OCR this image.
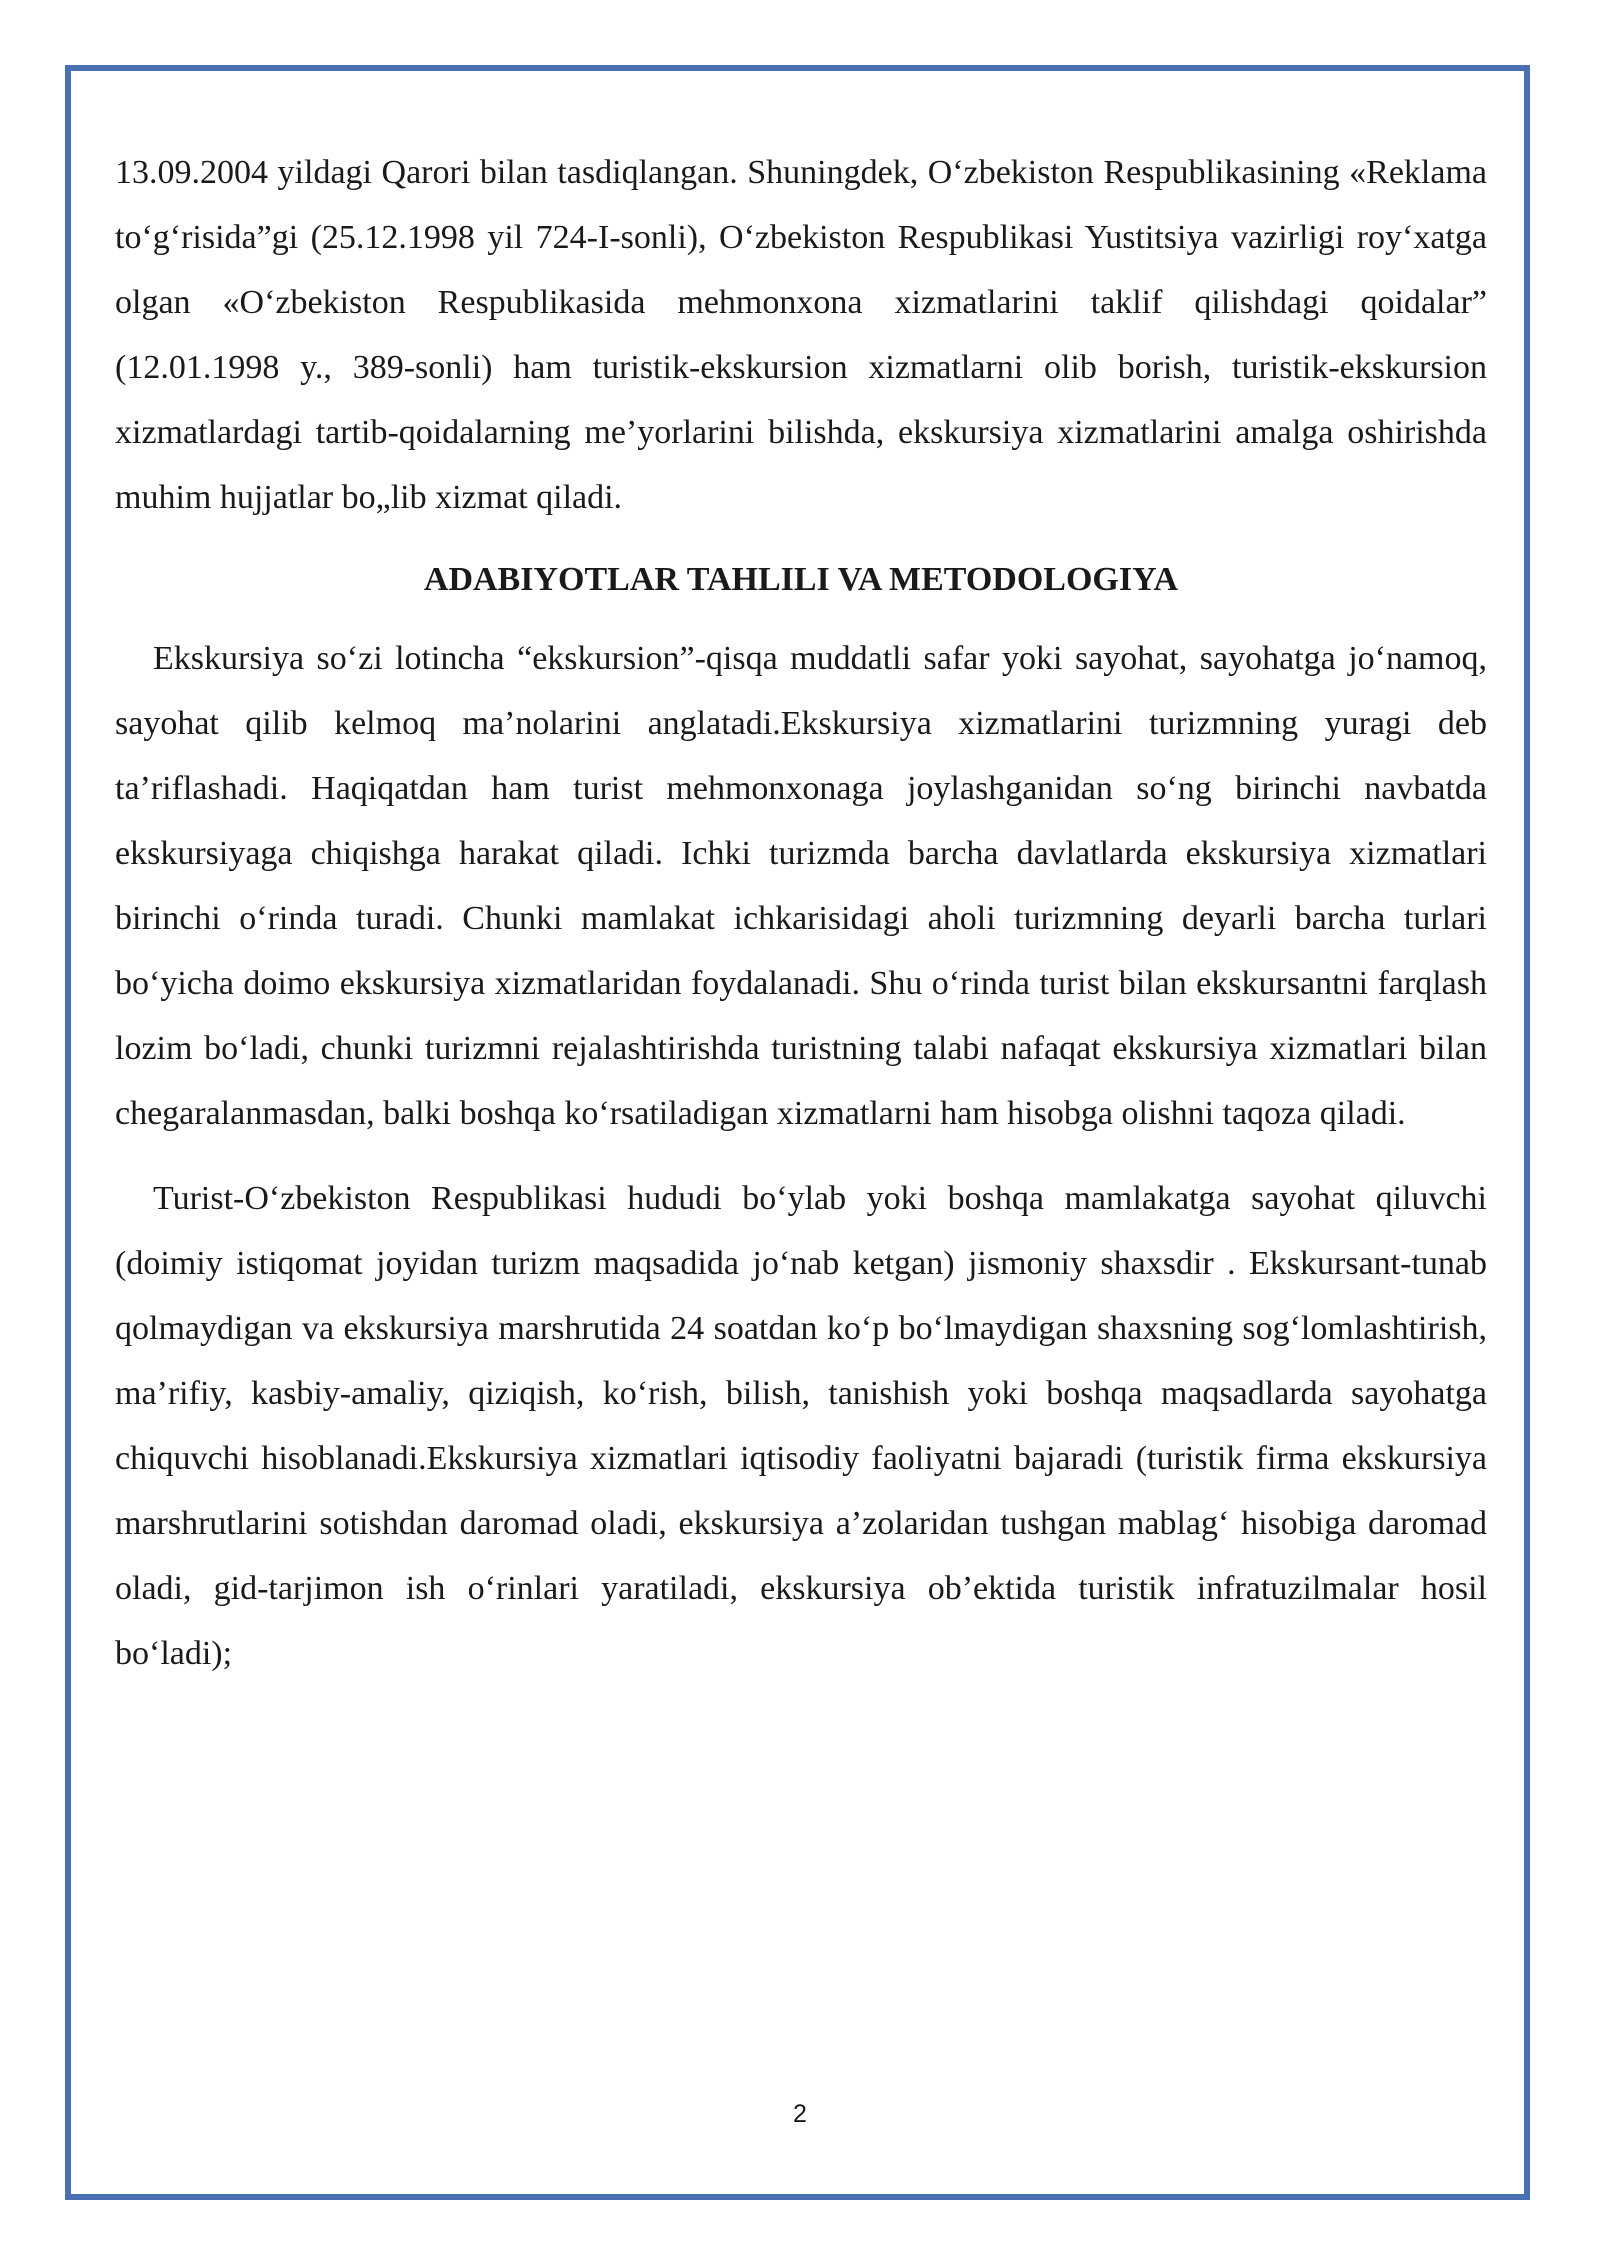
13.09.2004 yildagi Qarori bilan tasdiqlangan. Shuningdek, O‘zbekiston Respublikasining «Reklama to‘g‘risida”gi (25.12.1998 yil 724-I-sonli), O‘zbekiston Respublikasi Yustitsiya vazirligi roy‘xatga olgan «O‘zbekiston Respublikasida mehmonxona xizmatlarini taklif qilishdagi qoidalar” (12.01.1998 y., 389-sonli) ham turistik-ekskursion xizmatlarni olib borish, turistik-ekskursion xizmatlardagi tartib-qoidalarning me’yorlarini bilishda, ekskursiya xizmatlarini amalga oshirishda muhim hujjatlar bo„lib xizmat qiladi.

ADABIYOTLAR TAHLILI VA METODOLOGIYA

Ekskursiya so‘zi lotincha “ekskursion”-qisqa muddatli safar yoki sayohat, sayohatga jo‘namoq, sayohat qilib kelmoq ma’nolarini anglatadi.Ekskursiya xizmatlarini turizmning yuragi deb ta’riflashadi. Haqiqatdan ham turist mehmonxonaga joylashganidan so‘ng birinchi navbatda ekskursiyaga chiqishga harakat qiladi. Ichki turizmda barcha davlatlarda ekskursiya xizmatlari birinchi o‘rinda turadi. Chunki mamlakat ichkarisidagi aholi turizmning deyarli barcha turlari bo‘yicha doimo ekskursiya xizmatlaridan foydalanadi. Shu o‘rinda turist bilan ekskursantni farqlash lozim bo‘ladi, chunki turizmni rejalashtirishda turistning talabi nafaqat ekskursiya xizmatlari bilan chegaralanmasdan, balki boshqa ko‘rsatiladigan xizmatlarni ham hisobga olishni taqoza qiladi.

Turist-O‘zbekiston Respublikasi hududi bo‘ylab yoki boshqa mamlakatga sayohat qiluvchi (doimiy istiqomat joyidan turizm maqsadida jo‘nab ketgan) jismoniy shaxsdir . Ekskursant-tunab qolmaydigan va ekskursiya marshrutida 24 soatdan ko‘p bo‘lmaydigan shaxsning sog‘lomlashtirish, ma’rifiy, kasbiy-amaliy, qiziqish, ko‘rish, bilish, tanishish yoki boshqa maqsadlarda sayohatga chiquvchi hisoblanadi.Ekskursiya xizmatlari iqtisodiy faoliyatni bajaradi (turistik firma ekskursiya marshrutlarini sotishdan daromad oladi, ekskursiya a’zolaridan tushgan mablag‘ hisobiga daromad oladi, gid-tarjimon ish o‘rinlari yaratiladi, ekskursiya ob’ektida turistik infratuzilmalar hosil bo‘ladi);

2
